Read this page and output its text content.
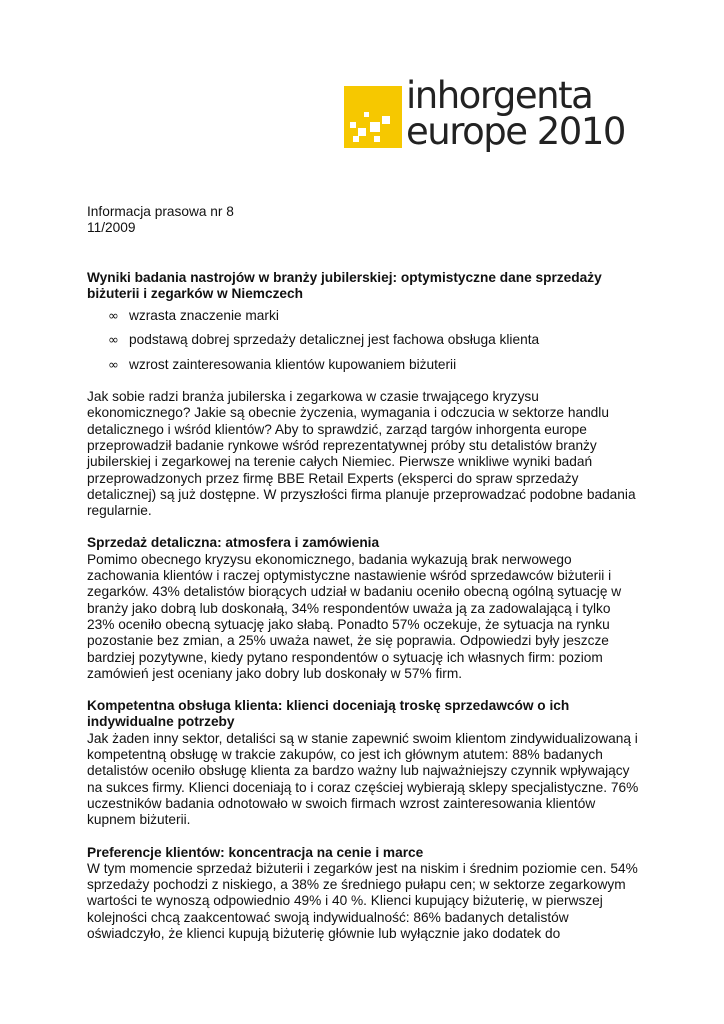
inhorgenta
europe 2010

Informacja prasowa nr 8
11/2009

Wyniki badania nastrojów w branży jubilerskiej: optymistyczne dane sprzedaży biżuterii i zegarków w Niemczech

∞ wzrasta znaczenie marki
∞ podstawą dobrej sprzedaży detalicznej jest fachowa obsługa klienta
∞ wzrost zainteresowania klientów kupowaniem biżuterii

Jak sobie radzi branża jubilerska i zegarkowa w czasie trwającego kryzysu ekonomicznego? Jakie są obecnie życzenia, wymagania i odczucia w sektorze handlu detalicznego i wśród klientów? Aby to sprawdzić, zarząd targów inhorgenta europe przeprowadził badanie rynkowe wśród reprezentatywnej próby stu detalistów branży jubilerskiej i zegarkowej na terenie całych Niemiec. Pierwsze wnikliwe wyniki badań przeprowadzonych przez firmę BBE Retail Experts (eksperci do spraw sprzedaży detalicznej) są już dostępne. W przyszłości firma planuje przeprowadzać podobne badania regularnie.

Sprzedaż detaliczna: atmosfera i zamówienia

Pomimo obecnego kryzysu ekonomicznego, badania wykazują brak nerwowego zachowania klientów i raczej optymistyczne nastawienie wśród sprzedawców biżuterii i zegarków. 43% detalistów biorących udział w badaniu oceniło obecną ogólną sytuację w branży jako dobrą lub doskonałą, 34% respondentów uważa ją za zadowalającą i tylko 23% oceniło obecną sytuację jako słabą. Ponadto 57% oczekuje, że sytuacja na rynku pozostanie bez zmian, a 25% uważa nawet, że się poprawia. Odpowiedzi były jeszcze bardziej pozytywne, kiedy pytano respondentów o sytuację ich własnych firm: poziom zamówień jest oceniany jako dobry lub doskonały w 57% firm.

Kompetentna obsługa klienta: klienci doceniają troskę sprzedawców o ich indywidualne potrzeby

Jak żaden inny sektor, detaliści są w stanie zapewnić swoim klientom zindywidualizowaną i kompetentną obsługę w trakcie zakupów, co jest ich głównym atutem: 88% badanych detalistów oceniło obsługę klienta za bardzo ważny lub najważniejszy czynnik wpływający na sukces firmy. Klienci doceniają to i coraz częściej wybierają sklepy specjalistyczne. 76% uczestników badania odnotowało w swoich firmach wzrost zainteresowania klientów kupnem biżuterii.

Preferencje klientów: koncentracja na cenie i marce

W tym momencie sprzedaż biżuterii i zegarków jest na niskim i średnim poziomie cen. 54% sprzedaży pochodzi z niskiego, a 38% ze średniego pułapu cen; w sektorze zegarkowym wartości te wynoszą odpowiednio 49% i 40 %. Klienci kupujący biżuterię, w pierwszej kolejności chcą zaakcentować swoją indywidualność: 86% badanych detalistów oświadczyło, że klienci kupują biżuterię głównie lub wyłącznie jako dodatek do
